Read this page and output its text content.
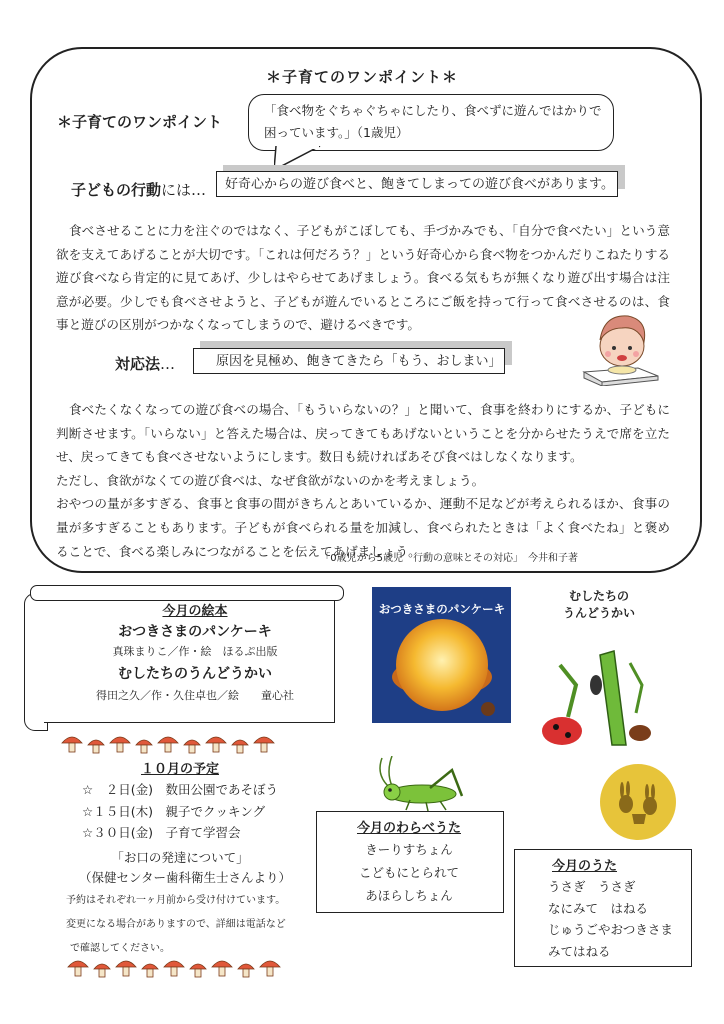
＊子育てのワンポイント＊
＊子育てのワンポイント
「食べ物をぐちゃぐちゃにしたり、食べずに遊んではかりで困っています。」（1歳児）
子どもの行動には…	好奇心からの遊び食べと、飽きてしまっての遊び食べがあります。
食べさせることに力を注ぐのではなく、子どもがこぼしても、手づかみでも、「自分で食べたい」という意欲を支えてあげることが大切です。「これは何だろう？」という好奇心から食べ物をつかんだりこねたりする遊び食べなら肯定的に見てあげ、少しはやらせてあげましょう。食べる気もちが無くなり遊び出す場合は注意が必要。少しでも食べさせようと、子どもが遊んでいるところにご飯を持って行って食べさせるのは、食事と遊びの区別がつかなくなってしまうので、避けるべきです。
対応法…	原因を見極め、飽きてきたら「もう、おしまい」
食べたくなくなっての遊び食べの場合、「もういらないの？」と聞いて、食事を終わりにするか、子どもに判断させます。「いらない」と答えた場合は、戻ってきてもあげないということを分からせたうえで席を立たせ、戻ってきても食べさせないようにします。数日も続ければあそび食べはしなくなります。
ただし、食欲がなくての遊び食べは、なぜ食欲がないのかを考えましょう。
おやつの量が多すぎる、食事と食事の間がきちんとあいているか、運動不足などが考えられるほか、食事の量が多すぎることもあります。子どもが食べられる量を加減し、食べられたときは「よく食べたね」と褒めることで、食べる楽しみにつながることを伝えてあげましょう。
「0歳児から5歳児　行動の意味とその対応」　今井和子著
今月の絵本
おつきさまのパンケーキ
真珠まりこ／作・絵　ほるぷ出版
むしたちのうんどうかい
得田之久／作・久住卓也／絵　　童心社
おつきさまのパンケーキ
むしたちの
うんどうかい
１０月の予定
☆　２日(金)　数田公園であそぼう
☆１５日(木)　親子でクッキング
☆３０日(金)　子育て学習会
「お口の発達について」
（保健センター歯科衛生士さんより）
予約はそれぞれ一ヶ月前から受け付けています。
変更になる場合がありますので、詳細は電話など
で確認してください。
今月のわらべうた
きーりすちょん
こどもにとられて
あほらしちょん
今月のうた
うさぎ　うさぎ
なにみて　はねる
じゅうごやおつきさま
みてはねる
